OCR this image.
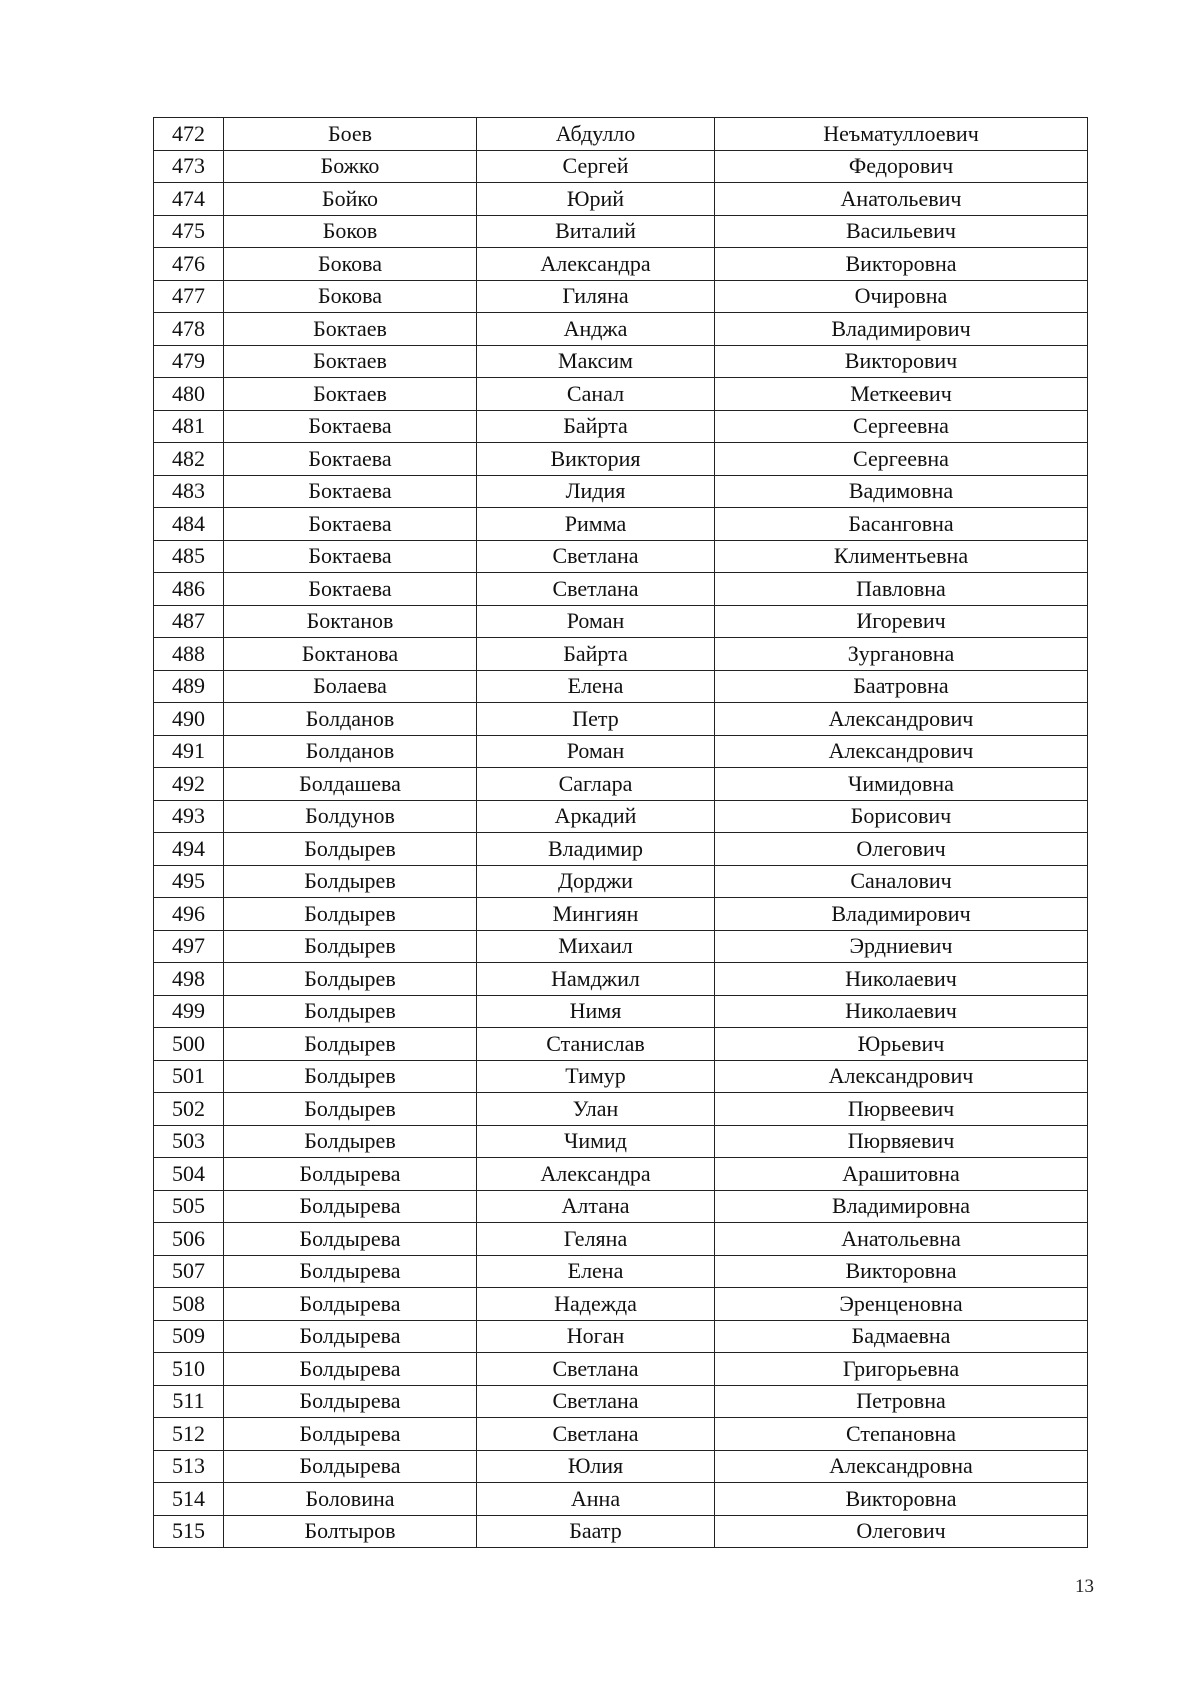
472	Боев	Абдулло	Неъматуллоевич
473	Божко	Сергей	Федорович
474	Бойко	Юрий	Анатольевич
475	Боков	Виталий	Васильевич
476	Бокова	Александра	Викторовна
477	Бокова	Гиляна	Очировна
478	Боктаев	Анджа	Владимирович
479	Боктаев	Максим	Викторович
480	Боктаев	Санал	Меткеевич
481	Боктаева	Байрта	Сергеевна
482	Боктаева	Виктория	Сергеевна
483	Боктаева	Лидия	Вадимовна
484	Боктаева	Римма	Басанговна
485	Боктаева	Светлана	Климентьевна
486	Боктаева	Светлана	Павловна
487	Боктанов	Роман	Игоревич
488	Боктанова	Байрта	Зургановна
489	Болаева	Елена	Баатровна
490	Болданов	Петр	Александрович
491	Болданов	Роман	Александрович
492	Болдашева	Саглара	Чимидовна
493	Болдунов	Аркадий	Борисович
494	Болдырев	Владимир	Олегович
495	Болдырев	Дорджи	Саналович
496	Болдырев	Мингиян	Владимирович
497	Болдырев	Михаил	Эрдниевич
498	Болдырев	Намджил	Николаевич
499	Болдырев	Нимя	Николаевич
500	Болдырев	Станислав	Юрьевич
501	Болдырев	Тимур	Александрович
502	Болдырев	Улан	Пюрвеевич
503	Болдырев	Чимид	Пюрвяевич
504	Болдырева	Александра	Арашитовна
505	Болдырева	Алтана	Владимировна
506	Болдырева	Геляна	Анатольевна
507	Болдырева	Елена	Викторовна
508	Болдырева	Надежда	Эренценовна
509	Болдырева	Ноган	Бадмаевна
510	Болдырева	Светлана	Григорьевна
511	Болдырева	Светлана	Петровна
512	Болдырева	Светлана	Степановна
513	Болдырева	Юлия	Александровна
514	Боловина	Анна	Викторовна
515	Болтыров	Баатр	Олегович
13
